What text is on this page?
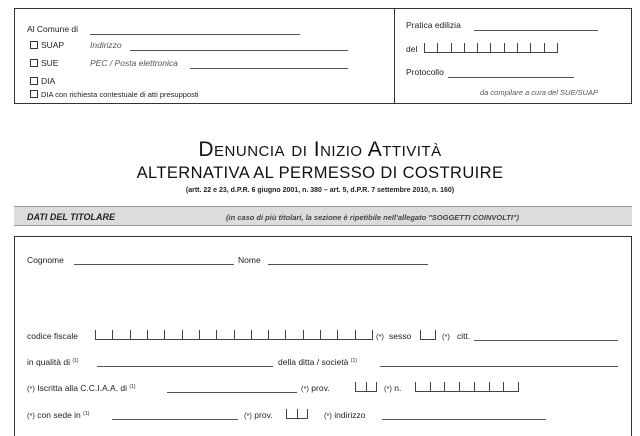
Al Comune di
SUAP	Indirizzo
SUE	PEC / Posta elettronica
DIA
DIA con richiesta contestuale di atti presupposti
Pratica edilizia
del
Protocollo
da compilare a cura del SUE/SUAP
Denuncia di Inizio Attività
ALTERNATIVA AL PERMESSO DI COSTRUIRE
(artt. 22 e 23, d.P.R. 6 giugno 2001, n. 380 – art. 5, d.P.R. 7 settembre 2010, n. 160)
DATI DEL TITOLARE	(in caso di più titolari, la sezione è ripetibile nell'allegato "SOGGETTI COINVOLTI")
Cognome	Nome
codice fiscale	(*) sesso	(*) citt.
in qualità di $^{(1)}$	della ditta / società $^{(1)}$
(*) Iscritta alla C.C.I.A.A. di $^{(1)}$	(*) prov.	(*) n.
(*) con sede in $^{(1)}$	(*) prov.	(*) indirizzo
